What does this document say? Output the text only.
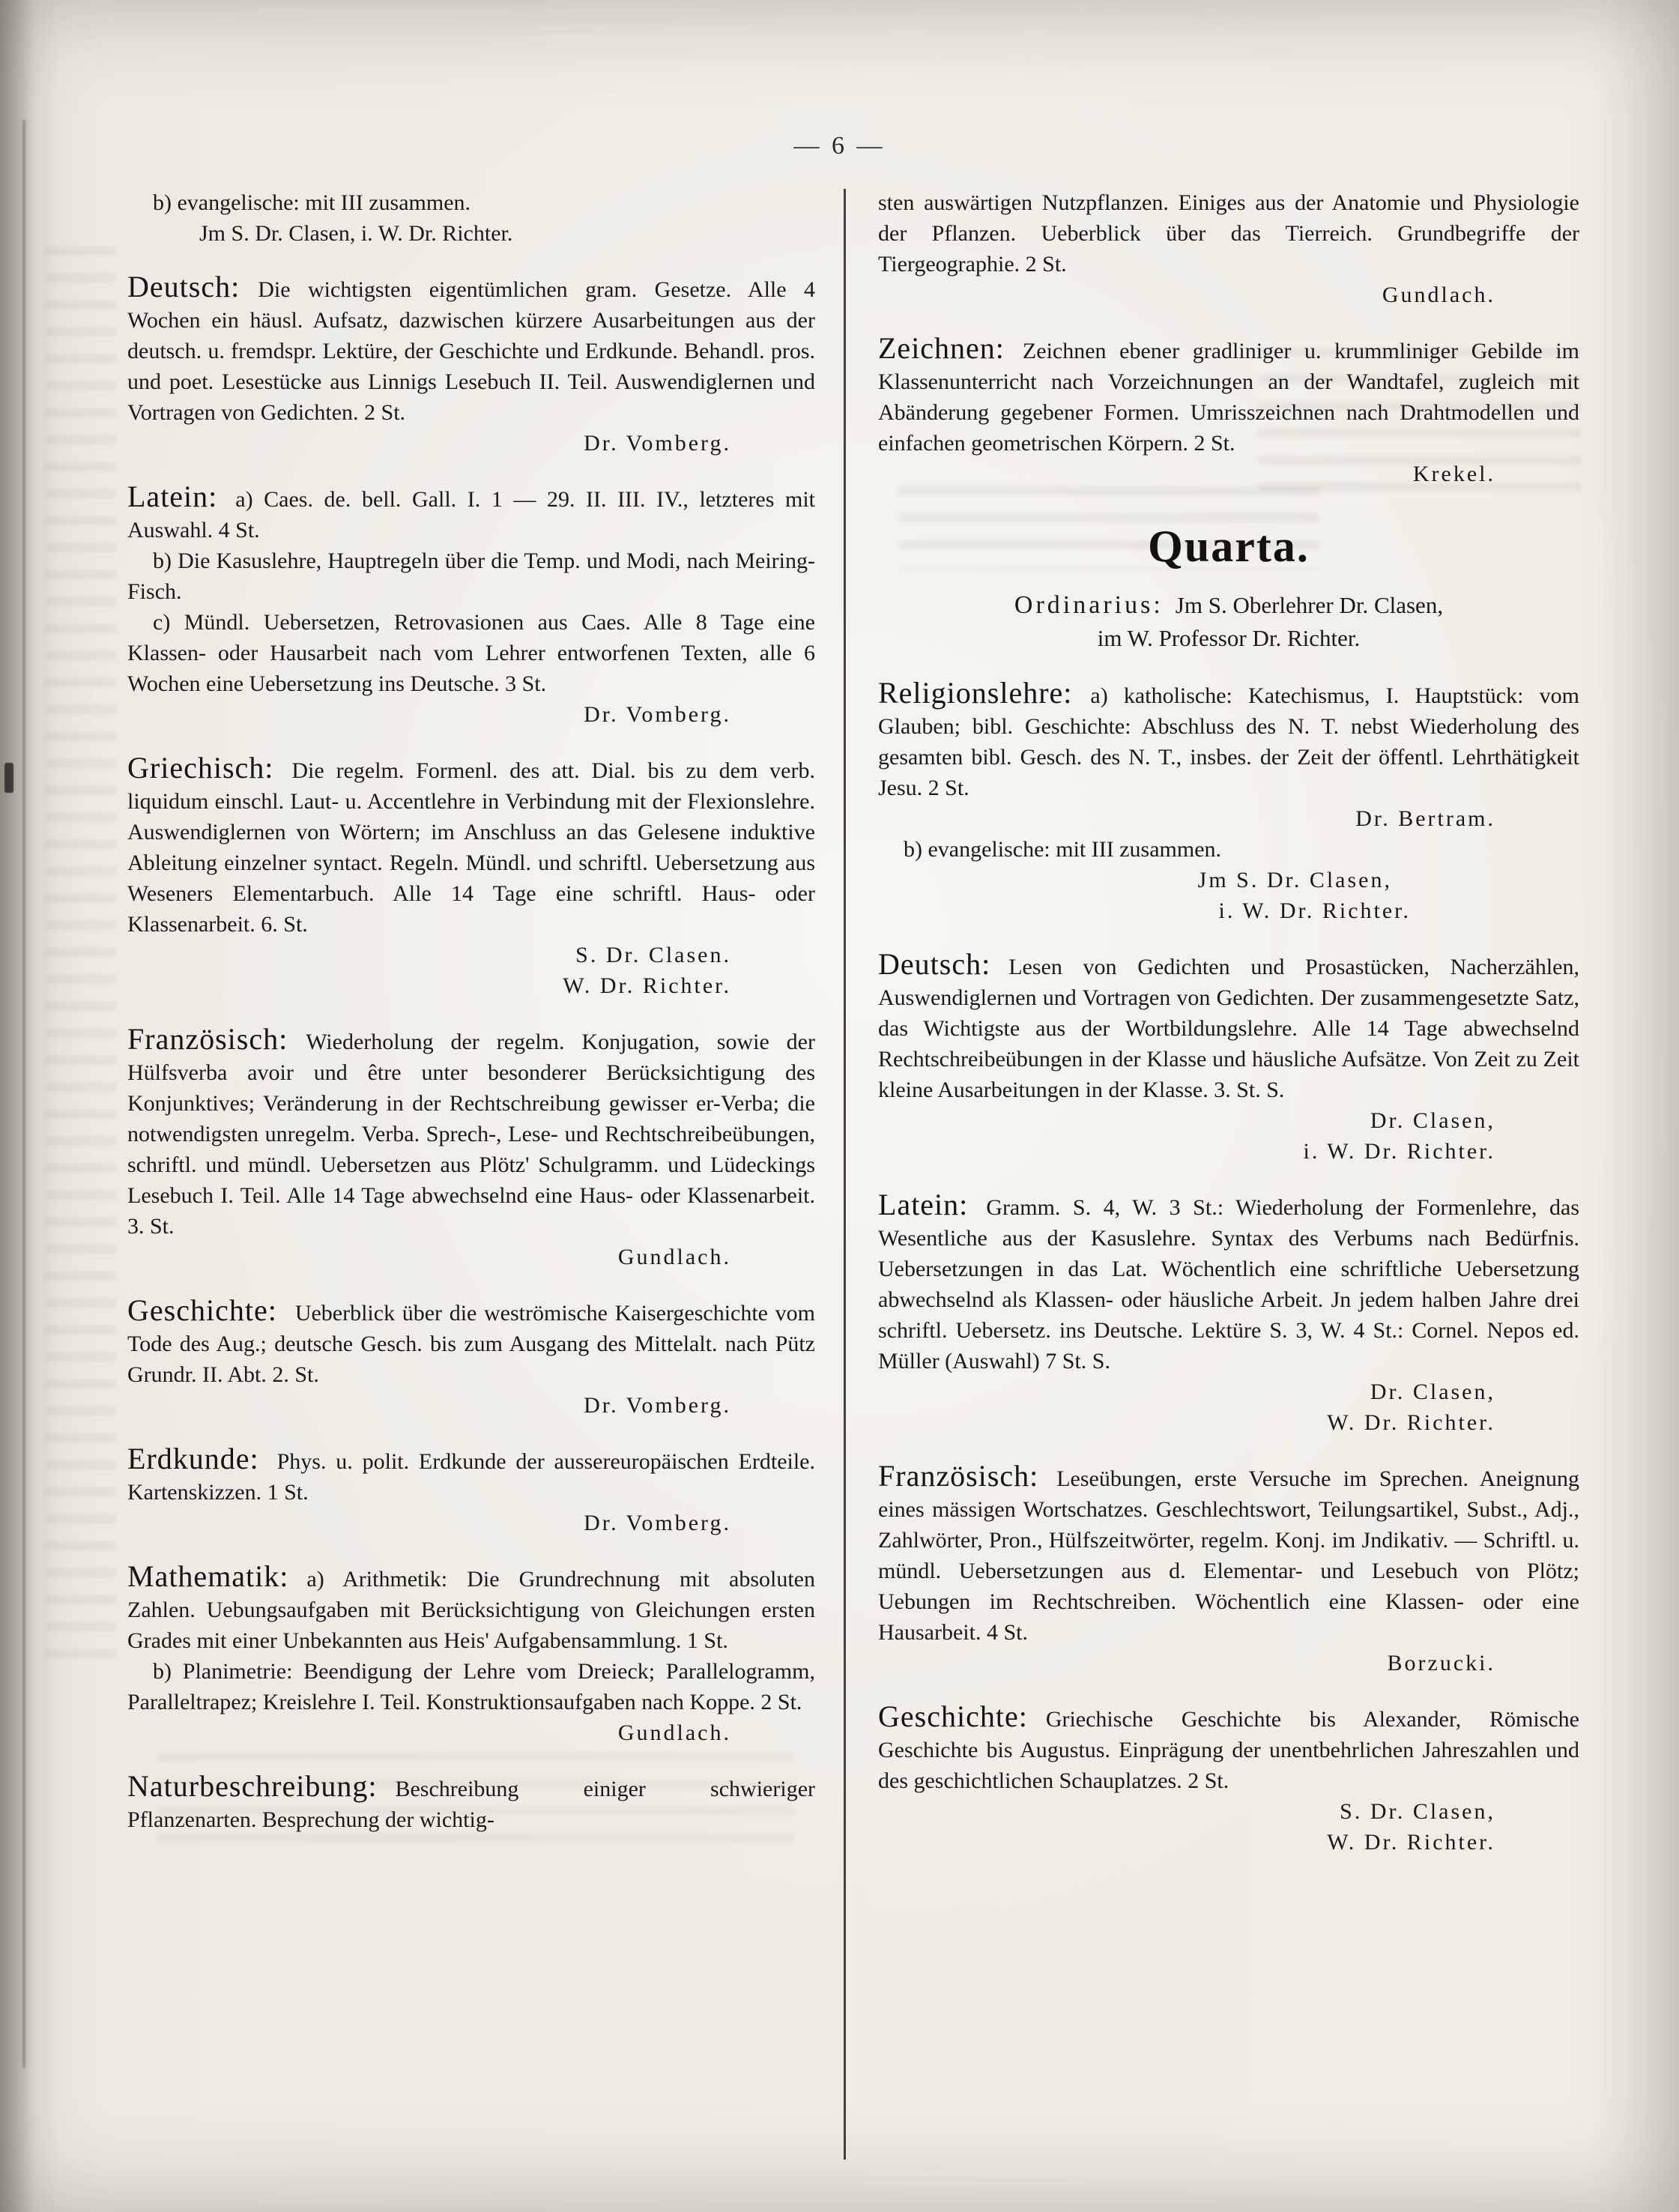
— 6 —

b) evangelische: mit III zusammen.

Jm S. Dr. Clasen, i. W. Dr. Richter.

Deutsch: Die wichtigsten eigentümlichen gram. Gesetze. Alle 4 Wochen ein häusl. Aufsatz, dazwischen kürzere Ausarbeitungen aus der deutsch. u. fremdspr. Lektüre, der Geschichte und Erdkunde. Behandl. pros. und poet. Lesestücke aus Linnigs Lesebuch II. Teil. Auswendiglernen und Vortragen von Gedichten. 2 St.

Dr. Vomberg.

Latein: a) Caes. de. bell. Gall. I. 1 — 29. II. III. IV., letzteres mit Auswahl. 4 St.

b) Die Kasuslehre, Hauptregeln über die Temp. und Modi, nach Meiring-Fisch.

c) Mündl. Uebersetzen, Retrovasionen aus Caes. Alle 8 Tage eine Klassen- oder Hausarbeit nach vom Lehrer entworfenen Texten, alle 6 Wochen eine Uebersetzung ins Deutsche. 3 St.

Dr. Vomberg.

Griechisch: Die regelm. Formenl. des att. Dial. bis zu dem verb. liquidum einschl. Laut- u. Accentlehre in Verbindung mit der Flexionslehre. Auswendiglernen von Wörtern; im Anschluss an das Gelesene induktive Ableitung einzelner syntact. Regeln. Mündl. und schriftl. Uebersetzung aus Weseners Elementarbuch. Alle 14 Tage eine schriftl. Haus- oder Klassenarbeit. 6. St.

S. Dr. Clasen.
W. Dr. Richter.

Französisch: Wiederholung der regelm. Konjugation, sowie der Hülfsverba avoir und être unter besonderer Berücksichtigung des Konjunktives; Veränderung in der Rechtschreibung gewisser er-Verba; die notwendigsten unregelm. Verba. Sprech-, Lese- und Rechtschreibeübungen, schriftl. und mündl. Uebersetzen aus Plötz' Schulgramm. und Lüdeckings Lesebuch I. Teil. Alle 14 Tage abwechselnd eine Haus- oder Klassenarbeit. 3. St.

Gundlach.

Geschichte: Ueberblick über die weströmische Kaisergeschichte vom Tode des Aug.; deutsche Gesch. bis zum Ausgang des Mittelalt. nach Pütz Grundr. II. Abt. 2. St.

Dr. Vomberg.

Erdkunde: Phys. u. polit. Erdkunde der aussereuropäischen Erdteile. Kartenskizzen. 1 St.

Dr. Vomberg.

Mathematik: a) Arithmetik: Die Grundrechnung mit absoluten Zahlen. Uebungsaufgaben mit Berücksichtigung von Gleichungen ersten Grades mit einer Unbekannten aus Heis' Aufgabensammlung. 1 St.

b) Planimetrie: Beendigung der Lehre vom Dreieck; Parallelogramm, Paralleltrapez; Kreislehre I. Teil. Konstruktionsaufgaben nach Koppe. 2 St.

Gundlach.

Naturbeschreibung: Beschreibung einiger schwieriger Pflanzenarten. Besprechung der wichtig-

sten auswärtigen Nutzpflanzen. Einiges aus der Anatomie und Physiologie der Pflanzen. Ueberblick über das Tierreich. Grundbegriffe der Tiergeographie. 2 St.

Gundlach.

Zeichnen: Zeichnen ebener gradliniger u. krummliniger Gebilde im Klassenunterricht nach Vorzeichnungen an der Wandtafel, zugleich mit Abänderung gegebener Formen. Umrisszeichnen nach Drahtmodellen und einfachen geometrischen Körpern. 2 St.

Krekel.
Quarta.

Ordinarius: Jm S. Oberlehrer Dr. Clasen,

im W. Professor Dr. Richter.

Religionslehre: a) katholische: Katechismus, I. Hauptstück: vom Glauben; bibl. Geschichte: Abschluss des N. T. nebst Wiederholung des gesamten bibl. Gesch. des N. T., insbes. der Zeit der öffentl. Lehrthätigkeit Jesu. 2 St.

Dr. Bertram.

b) evangelische: mit III zusammen.

Jm S. Dr. Clasen,
i. W. Dr. Richter.

Deutsch: Lesen von Gedichten und Prosastücken, Nacherzählen, Auswendiglernen und Vortragen von Gedichten. Der zusammengesetzte Satz, das Wichtigste aus der Wortbildungslehre. Alle 14 Tage abwechselnd Rechtschreibeübungen in der Klasse und häusliche Aufsätze. Von Zeit zu Zeit kleine Ausarbeitungen in der Klasse. 3. St. S.

Dr. Clasen,
i. W. Dr. Richter.

Latein: Gramm. S. 4, W. 3 St.: Wiederholung der Formenlehre, das Wesentliche aus der Kasuslehre. Syntax des Verbums nach Bedürfnis. Uebersetzungen in das Lat. Wöchentlich eine schriftliche Uebersetzung abwechselnd als Klassen- oder häusliche Arbeit. Jn jedem halben Jahre drei schriftl. Uebersetz. ins Deutsche. Lektüre S. 3, W. 4 St.: Cornel. Nepos ed. Müller (Auswahl) 7 St. S.

Dr. Clasen,
W. Dr. Richter.

Französisch: Leseübungen, erste Versuche im Sprechen. Aneignung eines mässigen Wortschatzes. Geschlechtswort, Teilungsartikel, Subst., Adj., Zahlwörter, Pron., Hülfszeitwörter, regelm. Konj. im Jndikativ. — Schriftl. u. mündl. Uebersetzungen aus d. Elementar- und Lesebuch von Plötz; Uebungen im Rechtschreiben. Wöchentlich eine Klassen- oder eine Hausarbeit. 4 St.

Borzucki.

Geschichte: Griechische Geschichte bis Alexander, Römische Geschichte bis Augustus. Einprägung der unentbehrlichen Jahreszahlen und des geschichtlichen Schauplatzes. 2 St.

S. Dr. Clasen,
W. Dr. Richter.
